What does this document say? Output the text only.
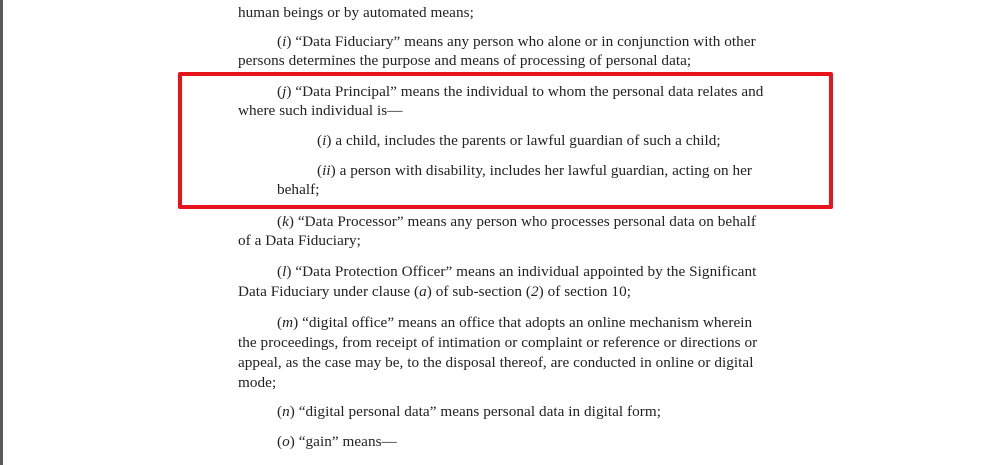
human beings or by automated means;
(i) “Data Fiduciary” means any person who alone or in conjunction with other
persons determines the purpose and means of processing of personal data;
(j) “Data Principal” means the individual to whom the personal data relates and
where such individual is—
(i) a child, includes the parents or lawful guardian of such a child;
(ii) a person with disability, includes her lawful guardian, acting on her
behalf;
(k) “Data Processor” means any person who processes personal data on behalf
of a Data Fiduciary;
(l) “Data Protection Officer” means an individual appointed by the Significant
Data Fiduciary under clause (a) of sub-section (2) of section 10;
(m) “digital office” means an office that adopts an online mechanism wherein
the proceedings, from receipt of intimation or complaint or reference or directions or
appeal, as the case may be, to the disposal thereof, are conducted in online or digital
mode;
(n) “digital personal data” means personal data in digital form;
(o) “gain” means—
